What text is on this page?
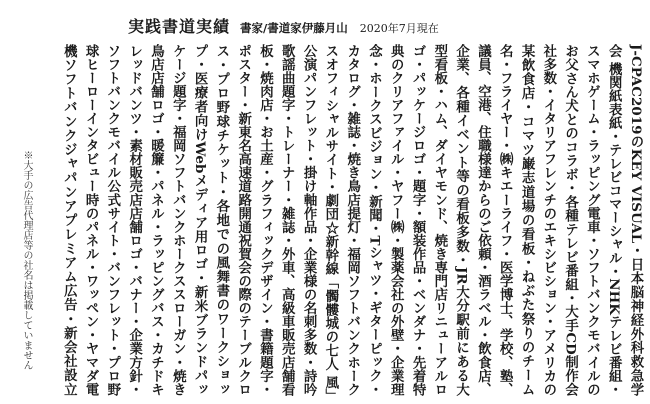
実践書道実績 書家/ 書道家伊藤月山 2020年7月現在

J-CPAC2019のKEY VISUAL・日本脳神経外科救急学会 機関紙表紙・テレビコマーシャル・NHKテレビ番組・スマホゲーム・ラッピング電車・ソフトバンクモバイルのお父さん犬とのコラボ・各種テレビ番組・大手CD制作会社多数・イタリアフレンチのエキシビション・アメリカの某飲食店・コマツ巌志道場の看板・ねぶた祭りのチーム名・フライヤー・㈱キエーライフ・医学博士、学校、塾、議員、空港、住職様達からのご依頼・酒ラベル・飲食店、企業、各種イベント等の看板多数・JR大分駅前にある大型看板・ハム、ダイヤモンド、焼き専門店リニューアルロゴ・パッケージロゴ・題字・額装作品・ベンダナ・先着特典のクリアファイル・ヤフー㈱・製薬会社の外壁・企業理念・ホークスビジョン・新聞・Tシャツ・ギターピック・カタログ・雑誌・焼き鳥店提灯・福岡ソフトバンクホークスオフィシャルサイト・劇団☆新幹線「髑髏城の七人 風」公演パンフレット・掛け軸作品・企業様の名刺多数・詩吟歌謡曲題字・トレーナー・雑誌・外車、高級車販売店舗看板・焼肉店・お土産・グラフィックデザイン・書籍題字・ポスター・新東名高速道路開通祝賀会の際のテーブルクロス・プロ野球チケット・各地での風舞書のワークショップ・医療者向けWebメディア用ロゴ・新米ブランドパッケージ題字・福岡ソフトバンクホークススローガン・焼き鳥店店舗ロゴ・暖簾・パネル・ラッピングバス・カチドキレッドバンツ・素材販売店店舗ロゴ・バナー・企業方針・ソフトバンクモバイル公式サイト・バンフレット・プロ野球ヒーローインタビュー時のパネル・ワッペン・ヤマダ電機ソフトバンクジャパンアプレミアム広告・新会社設立

※大手の広告代理店等の社名は掲載していません
